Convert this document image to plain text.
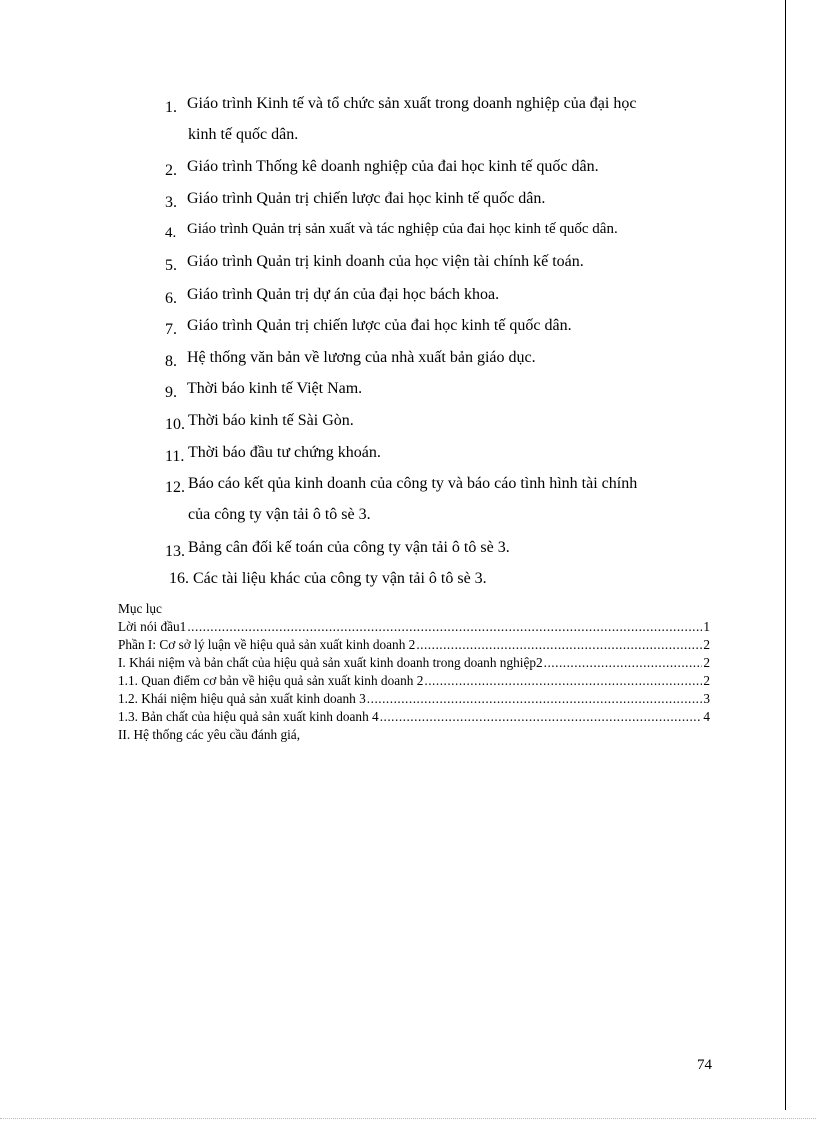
1. Giáo trình Kinh tế và tổ chức sản xuất trong doanh nghiệp của đại học
kinh tế quốc dân.
2. Giáo trình Thống kê doanh nghiệp của đai học kinh tế quốc dân.
3. Giáo trình Quản trị chiến lược đai học kinh tế quốc dân.
4. Giáo trình Quản trị sản xuất và tác nghiệp của đai học kinh tế quốc dân.
5. Giáo trình Quản trị kinh doanh của học viện tài chính kế toán.
6. Giáo trình Quản trị dự án của đại học bách khoa.
7. Giáo trình Quản trị chiến lược của đai học kinh tế quốc dân.
8. Hệ thống văn bản về lương của nhà xuất bản giáo dục.
9. Thời báo kinh tế Việt Nam.
10. Thời báo kinh tế Sài Gòn.
11. Thời báo đầu tư chứng khoán.
12. Báo cáo kết qủa kinh doanh của công ty và báo cáo tình hình tài chính
của công ty vận tải ô tô sè 3.
13. Bảng cân đối kế toán của công ty vận tải ô tô sè 3.
16. Các tài liệu khác của công ty vận tải ô tô sè 3.
Mục lục
Lời nói đầu1 .....	1
Phần I: Cơ sở lý luận về hiệu quả sản xuất kinh doanh 2 .....	2
I. Khái niệm và bản chất của hiệu quả sản xuất kinh doanh trong doanh nghiệp2 .....	2
1.1. Quan điểm cơ bản về hiệu quả sản xuất kinh doanh 2 .....	2
1.2. Khái niệm hiệu quả sản xuất kinh doanh 3 .....	3
1.3. Bản chất của hiệu quả sản xuất kinh doanh 4 .....	4
II. Hệ thống các yêu cầu đánh giá,
74
